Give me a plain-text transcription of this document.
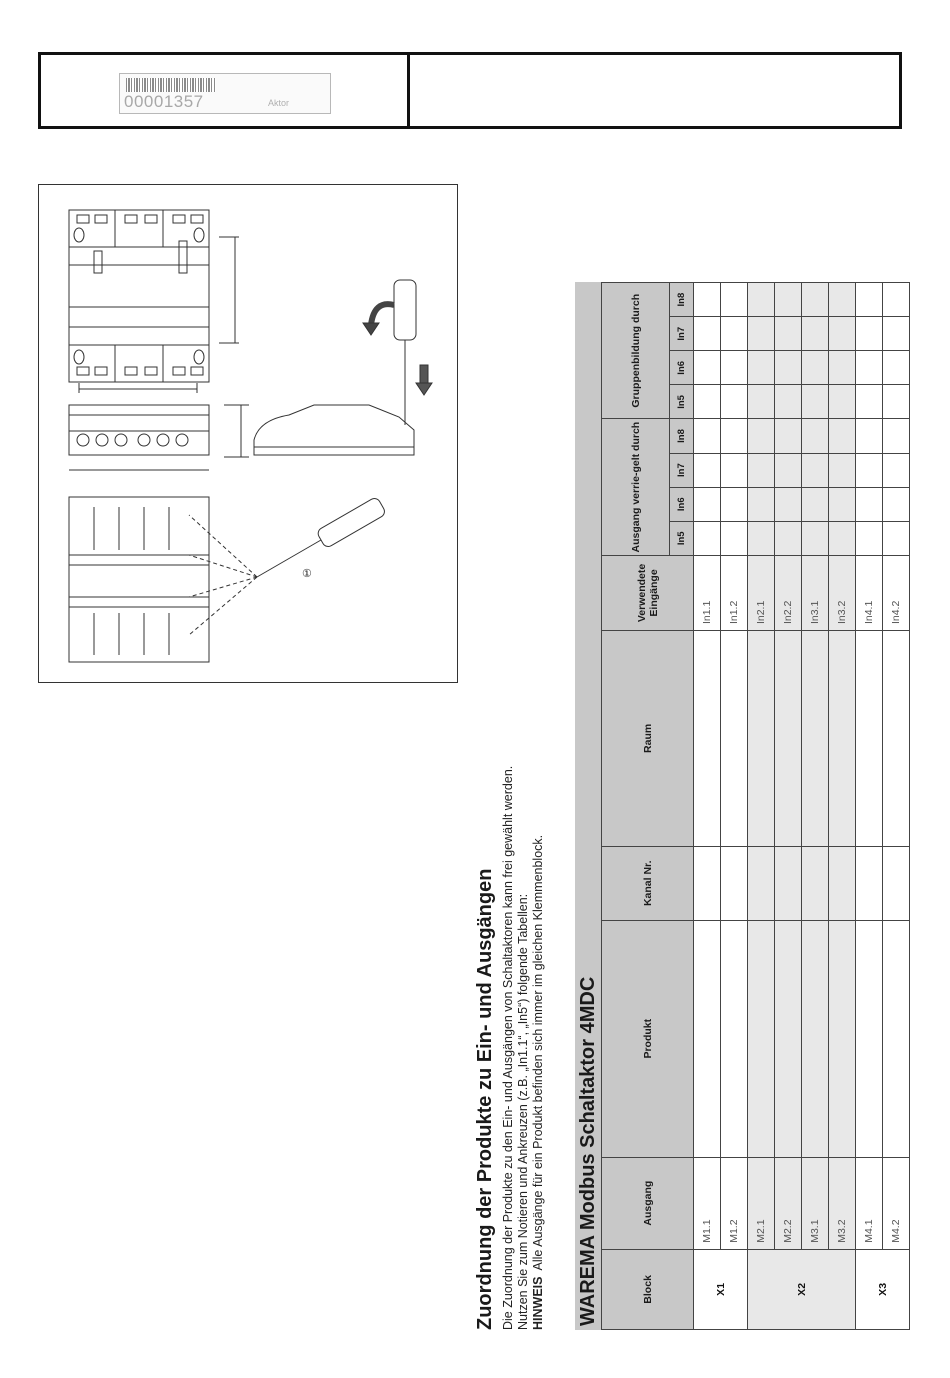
00001357	Aktor
①
Zuordnung der Produkte zu Ein- und Ausgängen Die Zuordnung der Produkte zu den Ein- und Ausgängen von Schaltaktoren kann frei gewählt werden. Nutzen Sie zum Notieren und Ankreuzen (z.B. „In1.1“, „In5“) folgende Tabellen: HINWEISAlle Ausgänge für ein Produkt befinden sich immer im gleichen Klemmenblock. WAREMA Modbus Schaltaktor 4MDC	Block	Ausgang	Produkt	Kanal Nr.	Raum	Verwendete Eingänge	Ausgang verrie-gelt durch				Gruppenbildung durch			
						In5	In6	In7	In8	In5	In6	In7	In8
X1	M1.1				In1.1								
	M1.2				In1.2								
X2	M2.1				In2.1								
	M2.2				In2.2								
	M3.1				In3.1								
	M3.2				In3.2								
X3	M4.1				In4.1								
	M4.2				In4.2								
